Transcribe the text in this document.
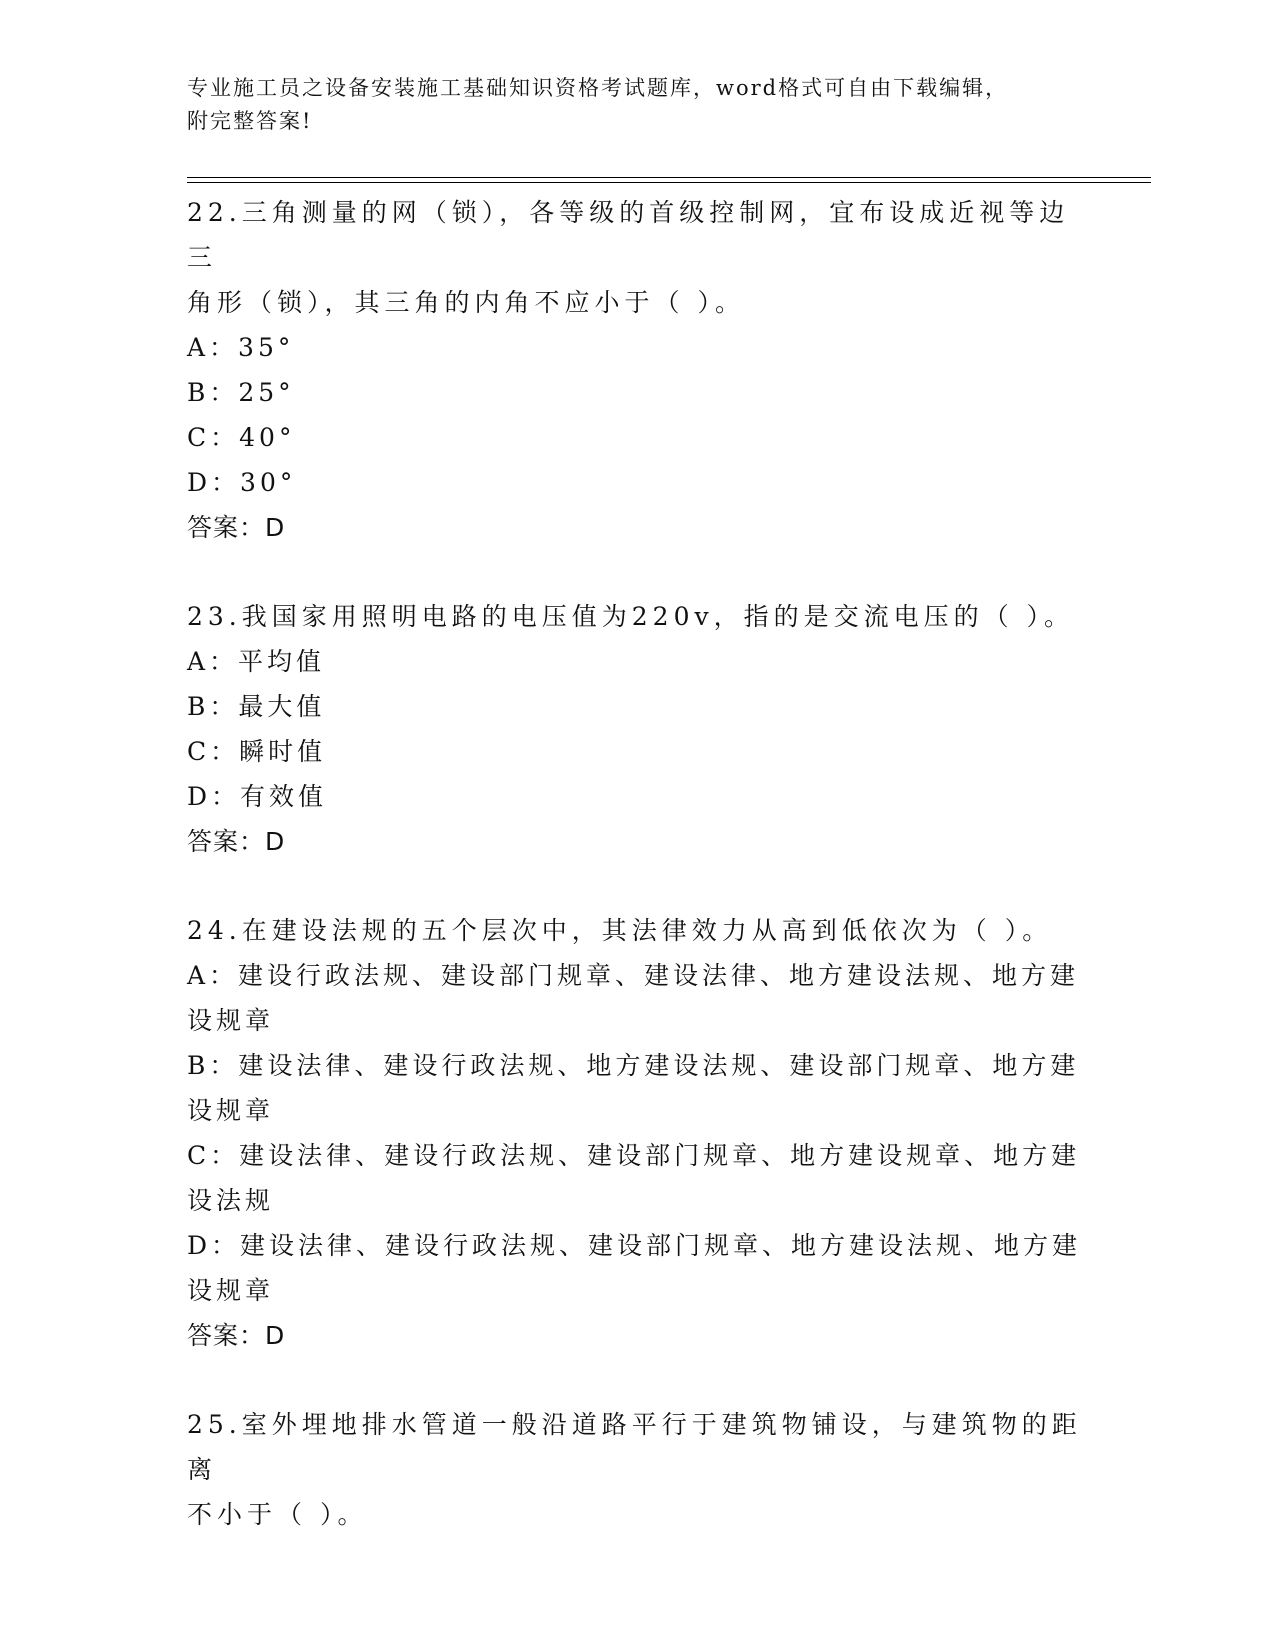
专业施工员之设备安装施工基础知识资格考试题库，word格式可自由下载编辑，
附完整答案!
22.三角测量的网（锁），各等级的首级控制网，宜布设成近视等边三
角形（锁），其三角的内角不应小于（ ）。
A：35°
B：25°
C：40°
D：30°
答案：D
23.我国家用照明电路的电压值为220v，指的是交流电压的（ ）。
A：平均值
B：最大值
C：瞬时值
D：有效值
答案：D
24.在建设法规的五个层次中，其法律效力从高到低依次为（ ）。
A：建设行政法规、建设部门规章、建设法律、地方建设法规、地方建
设规章
B：建设法律、建设行政法规、地方建设法规、建设部门规章、地方建
设规章
C：建设法律、建设行政法规、建设部门规章、地方建设规章、地方建
设法规
D：建设法律、建设行政法规、建设部门规章、地方建设法规、地方建
设规章
答案：D
25.室外埋地排水管道一般沿道路平行于建筑物铺设，与建筑物的距离
不小于（ ）。
